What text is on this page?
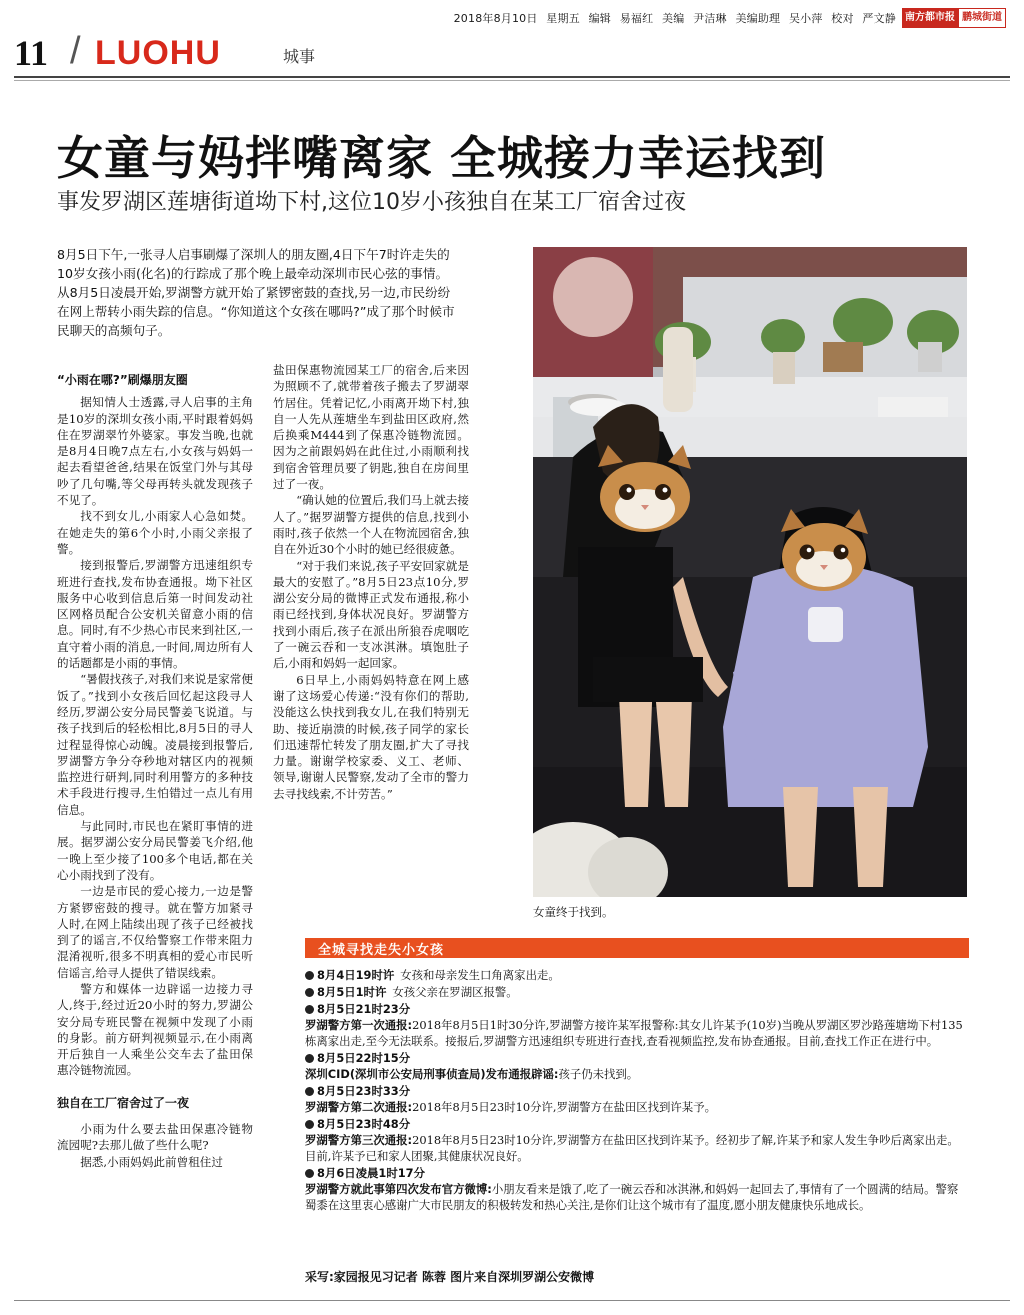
2018年8月10日 星期五 编辑 易福红 美编 尹洁琳 美编助理 吴小萍 校对 严文静 南方都市报 鹏城街道
11 / LUOHU	城事
女童与妈拌嘴离家 全城接力幸运找到
事发罗湖区莲塘街道坳下村,这位10岁小孩独自在某工厂宿舍过夜

8月5日下午,一张寻人启事刷爆了深圳人的朋友圈,4日下午7时许走失的

10岁女孩小雨(化名)的行踪成了那个晚上最牵动深圳市民心弦的事情。

从8月5日凌晨开始,罗湖警方就开始了紧锣密鼓的查找,另一边,市民纷纷

在网上帮转小雨失踪的信息。“你知道这个女孩在哪吗?”成了那个时候市

民聊天的高频句子。

女童终于找到。
“小雨在哪?”刷爆朋友圈

据知情人士透露,寻人启事的主角是10岁的深圳女孩小雨,平时跟着妈妈住在罗湖翠竹外婆家。事发当晚,也就是8月4日晚7点左右,小女孩与妈妈一起去看望爸爸,结果在饭堂门外与其母吵了几句嘴,等父母再转头就发现孩子不见了。

找不到女儿,小雨家人心急如焚。在她走失的第6个小时,小雨父亲报了警。

接到报警后,罗湖警方迅速组织专班进行查找,发布协查通报。坳下社区服务中心收到信息后第一时间发动社区网格员配合公安机关留意小雨的信息。同时,有不少热心市民来到社区,一直守着小雨的消息,一时间,周边所有人的话题都是小雨的事情。

“暑假找孩子,对我们来说是家常便饭了。”找到小女孩后回忆起这段寻人经历,罗湖公安分局民警姜飞说道。与孩子找到后的轻松相比,8月5日的寻人过程显得惊心动魄。凌晨接到报警后,罗湖警方争分夺秒地对辖区内的视频监控进行研判,同时利用警方的多种技术手段进行搜寻,生怕错过一点儿有用信息。

与此同时,市民也在紧盯事情的进展。据罗湖公安分局民警姜飞介绍,他一晚上至少接了100多个电话,都在关心小雨找到了没有。

一边是市民的爱心接力,一边是警方紧锣密鼓的搜寻。就在警方加紧寻人时,在网上陆续出现了孩子已经被找到了的谣言,不仅给警察工作带来阻力混淆视听,很多不明真相的爱心市民听信谣言,给寻人提供了错误线索。

警方和媒体一边辟谣一边接力寻人,终于,经过近20小时的努力,罗湖公安分局专班民警在视频中发现了小雨的身影。前方研判视频显示,在小雨离开后独自一人乘坐公交车去了盐田保惠冷链物流园。

独自在工厂宿舍过了一夜

小雨为什么要去盐田保惠冷链物流园呢?去那儿做了些什么呢?

据悉,小雨妈妈此前曾租住过

盐田保惠物流园某工厂的宿舍,后来因为照顾不了,就带着孩子搬去了罗湖翠竹居住。凭着记忆,小雨离开坳下村,独自一人先从莲塘坐车到盐田区政府,然后换乘M444到了保惠冷链物流园。因为之前跟妈妈在此住过,小雨顺利找到宿舍管理员要了钥匙,独自在房间里过了一夜。

“确认她的位置后,我们马上就去接人了。”据罗湖警方提供的信息,找到小雨时,孩子依然一个人在物流园宿舍,独自在外近30个小时的她已经很疲惫。

“对于我们来说,孩子平安回家就是最大的安慰了。”8月5日23点10分,罗湖公安分局的微博正式发布通报,称小雨已经找到,身体状况良好。罗湖警方找到小雨后,孩子在派出所狼吞虎咽吃了一碗云吞和一支冰淇淋。填饱肚子后,小雨和妈妈一起回家。

6日早上,小雨妈妈特意在网上感谢了这场爱心传递:“没有你们的帮助,没能这么快找到我女儿,在我们特别无助、接近崩溃的时候,孩子同学的家长们迅速帮忙转发了朋友圈,扩大了寻找力量。谢谢学校家委、义工、老师、领导,谢谢人民警察,发动了全市的警力去寻找线索,不计劳苦。”

全城寻找走失小女孩
8月4日19时许 女孩和母亲发生口角离家出走。
8月5日1时许 女孩父亲在罗湖区报警。
8月5日21时23分
罗湖警方第一次通报:2018年8月5日1时30分许,罗湖警方接许某军报警称:其女儿许某予(10岁)当晚从罗湖区罗沙路莲塘坳下村135栋离家出走,至今无法联系。接报后,罗湖警方迅速组织专班进行查找,查看视频监控,发布协查通报。目前,查找工作正在进行中。
8月5日22时15分
深圳CID(深圳市公安局刑事侦查局)发布通报辟谣:孩子仍未找到。
8月5日23时33分
罗湖警方第二次通报:2018年8月5日23时10分许,罗湖警方在盐田区找到许某予。
8月5日23时48分
罗湖警方第三次通报:2018年8月5日23时10分许,罗湖警方在盐田区找到许某予。经初步了解,许某予和家人发生争吵后离家出走。目前,许某予已和家人团聚,其健康状况良好。
8月6日凌晨1时17分
罗湖警方就此事第四次发布官方微博:小朋友看来是饿了,吃了一碗云吞和冰淇淋,和妈妈一起回去了,事情有了一个圆满的结局。警察蜀黍在这里衷心感谢广大市民朋友的积极转发和热心关注,是你们让这个城市有了温度,愿小朋友健康快乐地成长。
采写:家园报见习记者 陈蓉 图片来自深圳罗湖公安微博
